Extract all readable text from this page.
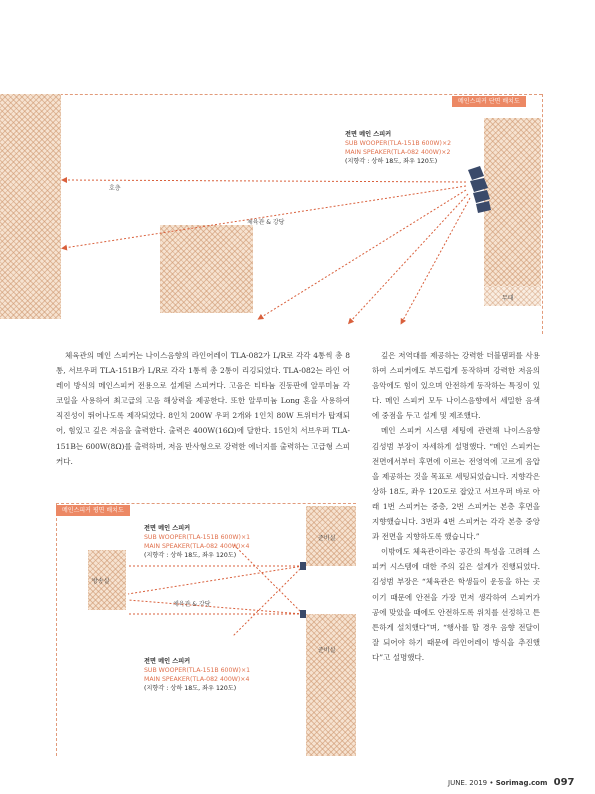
메인스피커 단면 배치도
호층
체육관 & 강당
무대
전면 메인 스피커
SUB WOOPER(TLA-151B 600W)×2
MAIN SPEAKER(TLA-082 400W)×2
(지향각 : 상하 18도, 좌우 120도)

체육관의 메인 스피커는 나이스음향의 라인어레이 TLA-082가 L/R로 각각 4통씩 총 8통, 서브우퍼 TLA-151B가 L/R로 각각 1통씩 총 2통이 리깅되었다. TLA-082는 라인 어레이 방식의 메인스피커 전용으로 설계된 스피커다. 고음은 티타늄 진동판에 알루미늄 각코일을 사용하여 최고급의 고음 해상력을 제공한다. 또한 알루미늄 Long 혼을 사용하여 직진성이 뛰어나도록 제작되었다. 8인치 200W 우퍼 2개와 1인치 80W 트위터가 탑재되어, 힘있고 깊은 저음을 출력한다. 출력은 400W(16Ω)에 달한다. 15인치 서브우퍼 TLA-151B는 600W(8Ω)를 출력하며, 저음 반사형으로 강력한 에너지를 출력하는 고급형 스피커다.

메인스피커 평면 배치도
방송실
체육관 & 강당
준비실
준비실
전면 메인 스피커
SUB WOOPER(TLA-151B 600W)×1
MAIN SPEAKER(TLA-082 400W)×4
(지향각 : 상하 18도, 좌우 120도)
전면 메인 스피커
SUB WOOPER(TLA-151B 600W)×1
MAIN SPEAKER(TLA-082 400W)×4
(지향각 : 상하 18도, 좌우 120도)

깊은 저역대를 제공하는 강력한 더블댐퍼를 사용하여 스피커에도 부드럽게 동작하며 강력한 저음의 음악에도 힘이 있으며 안전하게 동작하는 특징이 있다. 메인 스피커 모두 나이스음향에서 세밀한 음색에 중점을 두고 설계 및 제조했다.

메인 스피커 시스템 세팅에 관련해 나이스음향 김성범 부장이 자세하게 설명했다. “메인 스피커는 전면에서부터 후면에 이르는 전영역에 고르게 음압을 제공하는 것을 목표로 세팅되었습니다. 지향각은 상하 18도, 좌우 120도로 잡았고 서브우퍼 바로 아래 1번 스피커는 중층, 2번 스피커는 본층 후면을 지향했습니다. 3번과 4번 스피커는 각각 본층 중앙과 전면을 지향하도록 했습니다.”

이밖에도 체육관이라는 공간의 특성을 고려해 스피커 시스템에 대한 주의 깊은 설계가 진행되었다. 김성범 부장은 “체육관은 학생들이 운동을 하는 곳이기 때문에 안전을 가장 먼저 생각하여 스피커가 공에 맞았을 때에도 안전하도록 위치를 선정하고 튼튼하게 설치했다”며, “행사를 할 경우 음향 전달이 잘 되어야 하기 때문에 라인어레이 방식을 추진했다”고 설명했다.

JUNE. 2019 • Sorimag.com 097
